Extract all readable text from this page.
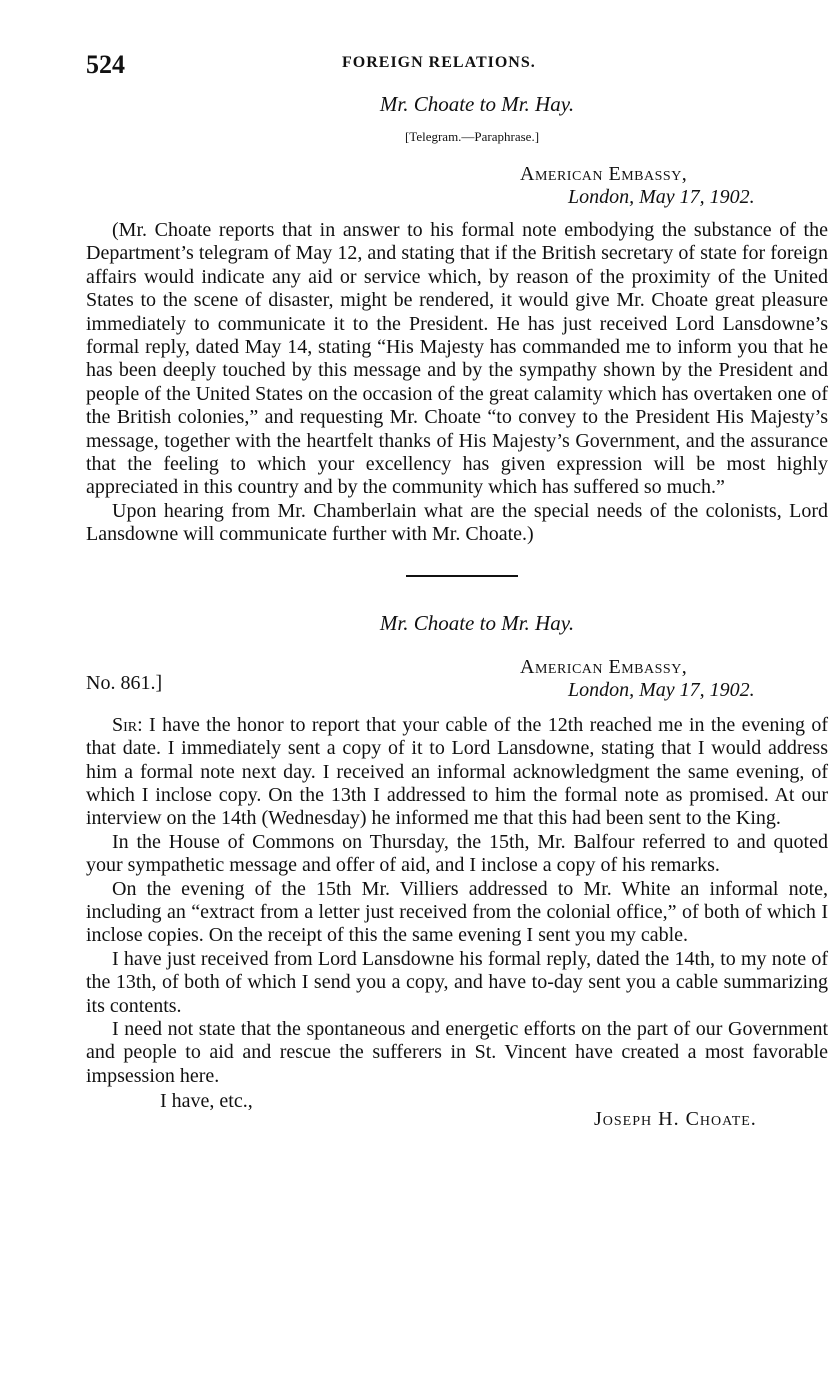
524	FOREIGN RELATIONS.
Mr. Choate to Mr. Hay.
[Telegram.—Paraphrase.]
American Embassy,
London, May 17, 1902.

(Mr. Choate reports that in answer to his formal note embodying the substance of the Department’s telegram of May 12, and stating that if the British secretary of state for foreign affairs would indicate any aid or service which, by reason of the proximity of the United States to the scene of disaster, might be rendered, it would give Mr. Choate great pleasure immediately to communicate it to the President. He has just received Lord Lansdowne’s formal reply, dated May 14, stating “His Majesty has commanded me to inform you that he has been deeply touched by this message and by the sympathy shown by the President and people of the United States on the occasion of the great calamity which has overtaken one of the British colonies,” and requesting Mr. Choate “to convey to the President His Majesty’s message, together with the heartfelt thanks of His Majesty’s Government, and the assurance that the feeling to which your excellency has given expression will be most highly appreciated in this country and by the community which has suffered so much.”

Upon hearing from Mr. Chamberlain what are the special needs of the colonists, Lord Lansdowne will communicate further with Mr. Choate.)

Mr. Choate to Mr. Hay.
No. 861.]
American Embassy,
London, May 17, 1902.

Sir: I have the honor to report that your cable of the 12th reached me in the evening of that date. I immediately sent a copy of it to Lord Lansdowne, stating that I would address him a formal note next day. I received an informal acknowledgment the same evening, of which I inclose copy. On the 13th I addressed to him the formal note as promised. At our interview on the 14th (Wednesday) he informed me that this had been sent to the King.

In the House of Commons on Thursday, the 15th, Mr. Balfour referred to and quoted your sympathetic message and offer of aid, and I inclose a copy of his remarks.

On the evening of the 15th Mr. Villiers addressed to Mr. White an informal note, including an “extract from a letter just received from the colonial office,” of both of which I inclose copies. On the receipt of this the same evening I sent you my cable.

I have just received from Lord Lansdowne his formal reply, dated the 14th, to my note of the 13th, of both of which I send you a copy, and have to-day sent you a cable summarizing its contents.

I need not state that the spontaneous and energetic efforts on the part of our Government and people to aid and rescue the sufferers in St. Vincent have created a most favorable impsession here.

I have, etc.,
Joseph H. Choate.
